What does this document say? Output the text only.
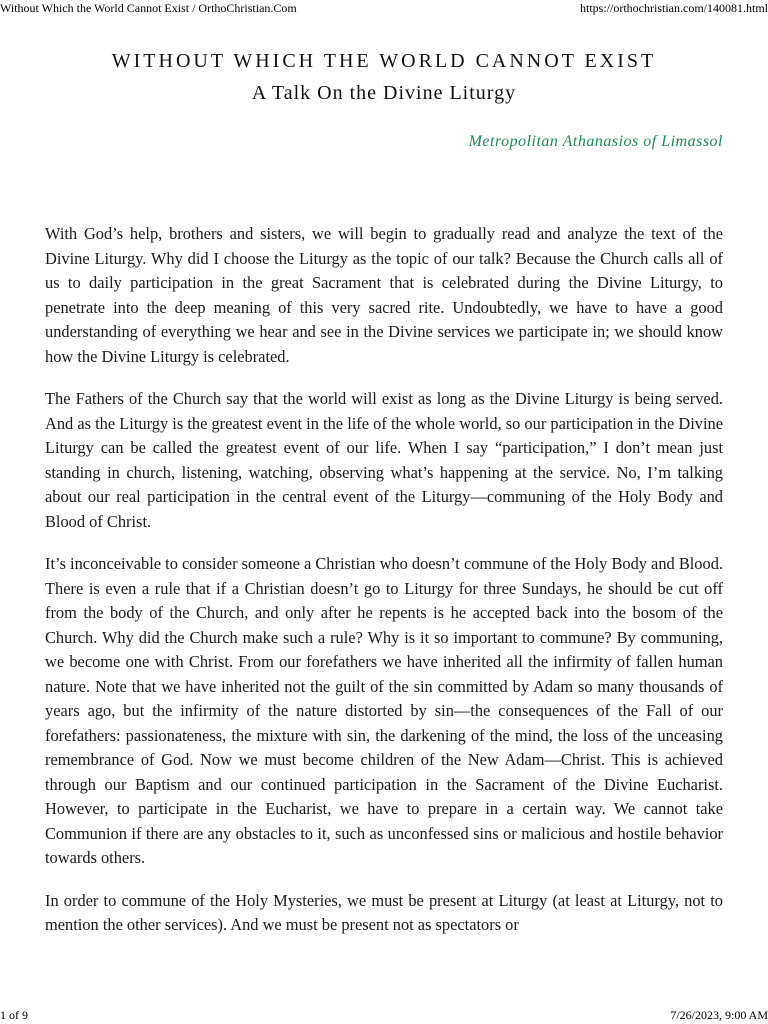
Without Which the World Cannot Exist / OrthoChristian.Com	https://orthochristian.com/140081.html
WITHOUT WHICH THE WORLD CANNOT EXIST
A Talk On the Divine Liturgy
Metropolitan Athanasios of Limassol

With God’s help, brothers and sisters, we will begin to gradually read and analyze the text of the Divine Liturgy. Why did I choose the Liturgy as the topic of our talk? Because the Church calls all of us to daily participation in the great Sacrament that is celebrated during the Divine Liturgy, to penetrate into the deep meaning of this very sacred rite. Undoubtedly, we have to have a good understanding of everything we hear and see in the Divine services we participate in; we should know how the Divine Liturgy is celebrated.

The Fathers of the Church say that the world will exist as long as the Divine Liturgy is being served. And as the Liturgy is the greatest event in the life of the whole world, so our participation in the Divine Liturgy can be called the greatest event of our life. When I say “participation,” I don’t mean just standing in church, listening, watching, observing what’s happening at the service. No, I’m talking about our real participation in the central event of the Liturgy—communing of the Holy Body and Blood of Christ.

It’s inconceivable to consider someone a Christian who doesn’t commune of the Holy Body and Blood. There is even a rule that if a Christian doesn’t go to Liturgy for three Sundays, he should be cut off from the body of the Church, and only after he repents is he accepted back into the bosom of the Church. Why did the Church make such a rule? Why is it so important to commune? By communing, we become one with Christ. From our forefathers we have inherited all the infirmity of fallen human nature. Note that we have inherited not the guilt of the sin committed by Adam so many thousands of years ago, but the infirmity of the nature distorted by sin—the consequences of the Fall of our forefathers: passionateness, the mixture with sin, the darkening of the mind, the loss of the unceasing remembrance of God. Now we must become children of the New Adam—Christ. This is achieved through our Baptism and our continued participation in the Sacrament of the Divine Eucharist. However, to participate in the Eucharist, we have to prepare in a certain way. We cannot take Communion if there are any obstacles to it, such as unconfessed sins or malicious and hostile behavior towards others.

In order to commune of the Holy Mysteries, we must be present at Liturgy (at least at Liturgy, not to mention the other services). And we must be present not as spectators or

1 of 9	7/26/2023, 9:00 AM
